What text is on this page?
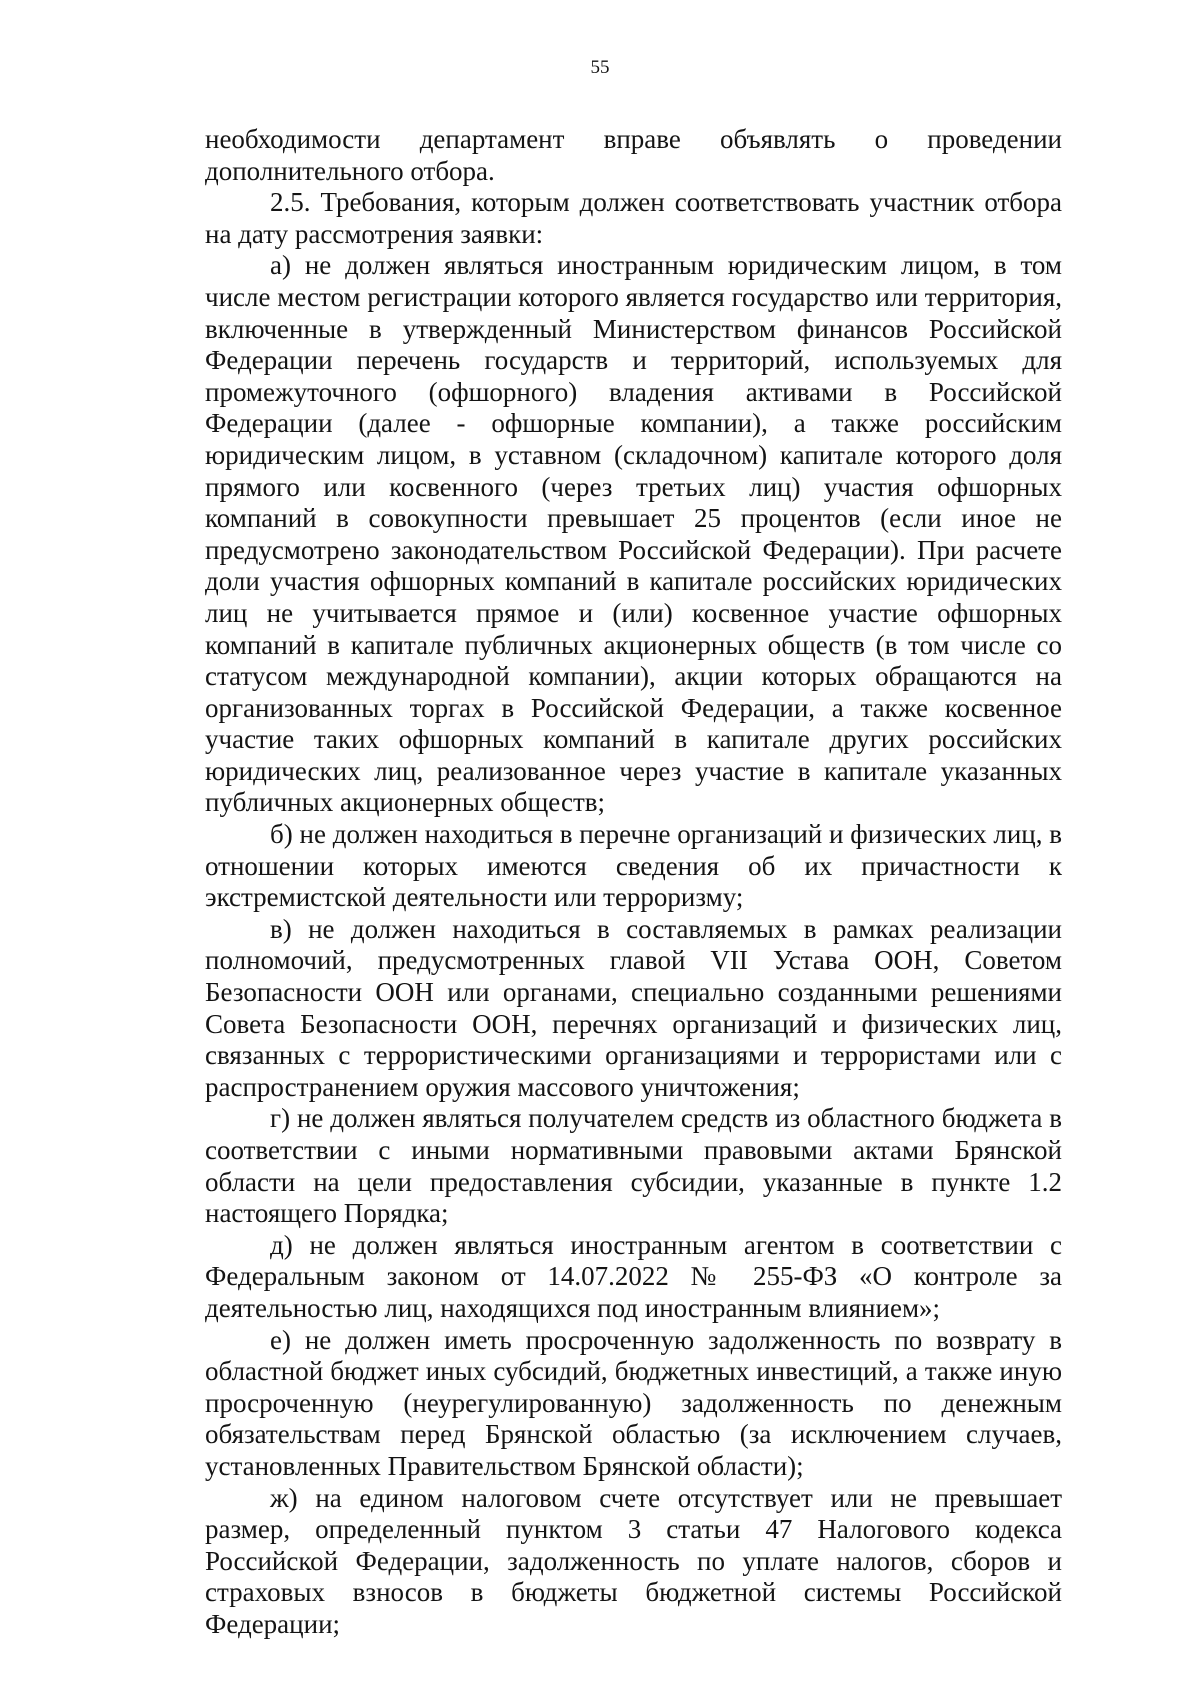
55

необходимости департамент вправе объявлять о проведении дополнительного отбора.

2.5. Требования, которым должен соответствовать участник отбора на дату рассмотрения заявки:

а) не должен являться иностранным юридическим лицом, в том числе местом регистрации которого является государство или территория, включенные в утвержденный Министерством финансов Российской Федерации перечень государств и территорий, используемых для промежуточного (офшорного) владения активами в Российской Федерации (далее - офшорные компании), а также российским юридическим лицом, в уставном (складочном) капитале которого доля прямого или косвенного (через третьих лиц) участия офшорных компаний в совокупности превышает 25 процентов (если иное не предусмотрено законодательством Российской Федерации). При расчете доли участия офшорных компаний в капитале российских юридических лиц не учитывается прямое и (или) косвенное участие офшорных компаний в капитале публичных акционерных обществ (в том числе со статусом международной компании), акции которых обращаются на организованных торгах в Российской Федерации, а также косвенное участие таких офшорных компаний в капитале других российских юридических лиц, реализованное через участие в капитале указанных публичных акционерных обществ;

б) не должен находиться в перечне организаций и физических лиц, в отношении которых имеются сведения об их причастности к экстремистской деятельности или терроризму;

в) не должен находиться в составляемых в рамках реализации полномочий, предусмотренных главой VII Устава ООН, Советом Безопасности ООН или органами, специально созданными решениями Совета Безопасности ООН, перечнях организаций и физических лиц, связанных с террористическими организациями и террористами или с распространением оружия массового уничтожения;

г) не должен являться получателем средств из областного бюджета в соответствии с иными нормативными правовыми актами Брянской области на цели предоставления субсидии, указанные в пункте 1.2 настоящего Порядка;

д) не должен являться иностранным агентом в соответствии с Федеральным законом от 14.07.2022 № 255-ФЗ «О контроле за деятельностью лиц, находящихся под иностранным влиянием»;

е) не должен иметь просроченную задолженность по возврату в областной бюджет иных субсидий, бюджетных инвестиций, а также иную просроченную (неурегулированную) задолженность по денежным обязательствам перед Брянской областью (за исключением случаев, установленных Правительством Брянской области);

ж) на едином налоговом счете отсутствует или не превышает размер, определенный пунктом 3 статьи 47 Налогового кодекса Российской Федерации, задолженность по уплате налогов, сборов и страховых взносов в бюджеты бюджетной системы Российской Федерации;
